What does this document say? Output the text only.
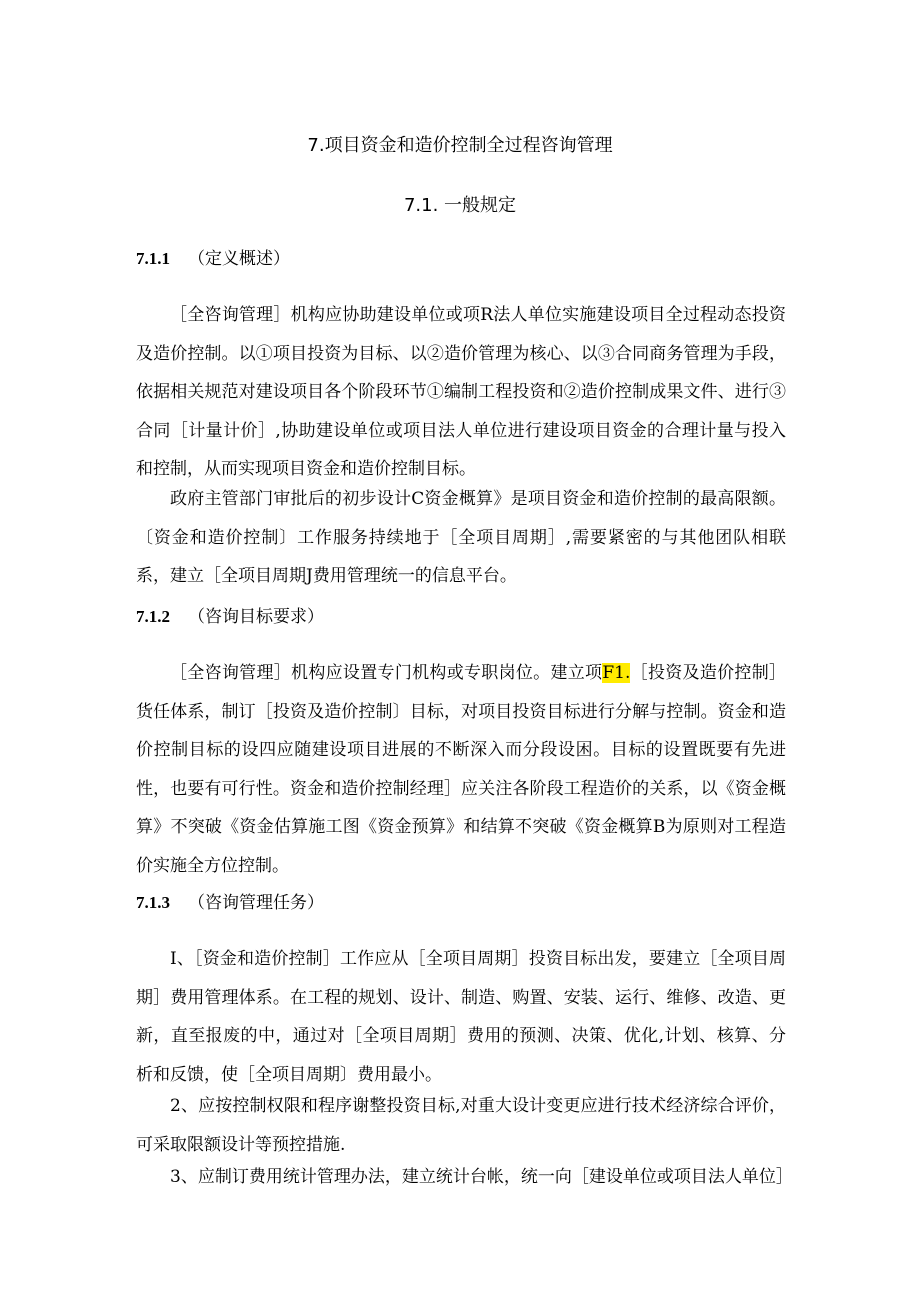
7.项目资金和造价控制全过程咨询管理
7.1. 一般规定
7.1.1 （定义概述）

［全咨询管理］机构应协助建设单位或项R法人单位实施建设项目全过程动态投资及造价控制。以①项目投资为目标、以②造价管理为核心、以③合同商务管理为手段，依据相关规范对建设项目各个阶段环节①编制工程投资和②造价控制成果文件、进行③合同［计量计价］,协助建设单位或项目法人单位进行建设项目资金的合理计量与投入和控制，从而实现项目资金和造价控制目标。

政府主管部门审批后的初步设计C资金概算》是项目资金和造价控制的最高限额。〔资金和造价控制〕工作服务持续地于［全项目周期］,需要紧密的与其他团队相联系，建立［全项目周期J费用管理统一的信息平台。

7.1.2 （咨询目标要求）

［全咨询管理］机构应设置专门机构或专职岗位。建立项F1.［投资及造价控制］货任体系，制订［投资及造价控制〕目标，对项目投资目标进行分解与控制。资金和造价控制目标的设四应随建设项目进展的不断深入而分段设困。目标的设置既要有先进性，也要有可行性。资金和造价控制经理］应关注各阶段工程造价的关系，以《资金概算》不突破《资金估算施工图《资金预算》和结算不突破《资金概算B为原则对工程造价实施全方位控制。

7.1.3 （咨询管理任务）

I、［资金和造价控制］工作应从［全项目周期］投资目标出发，要建立［全项目周期］费用管理体系。在工程的规划、设计、制造、购置、安装、运行、维修、改造、更新，直至报废的中，通过对［全项目周期］费用的预测、决策、优化,计划、核算、分析和反馈，使［全项目周期〕费用最小。

2、应按控制权限和程序谢整投资目标,对重大设计变更应进行技术经济综合评价，可采取限额设计等预控措施.

3、应制订费用统计管理办法，建立统计台帐，统一向［建设单位或项目法人单位］
